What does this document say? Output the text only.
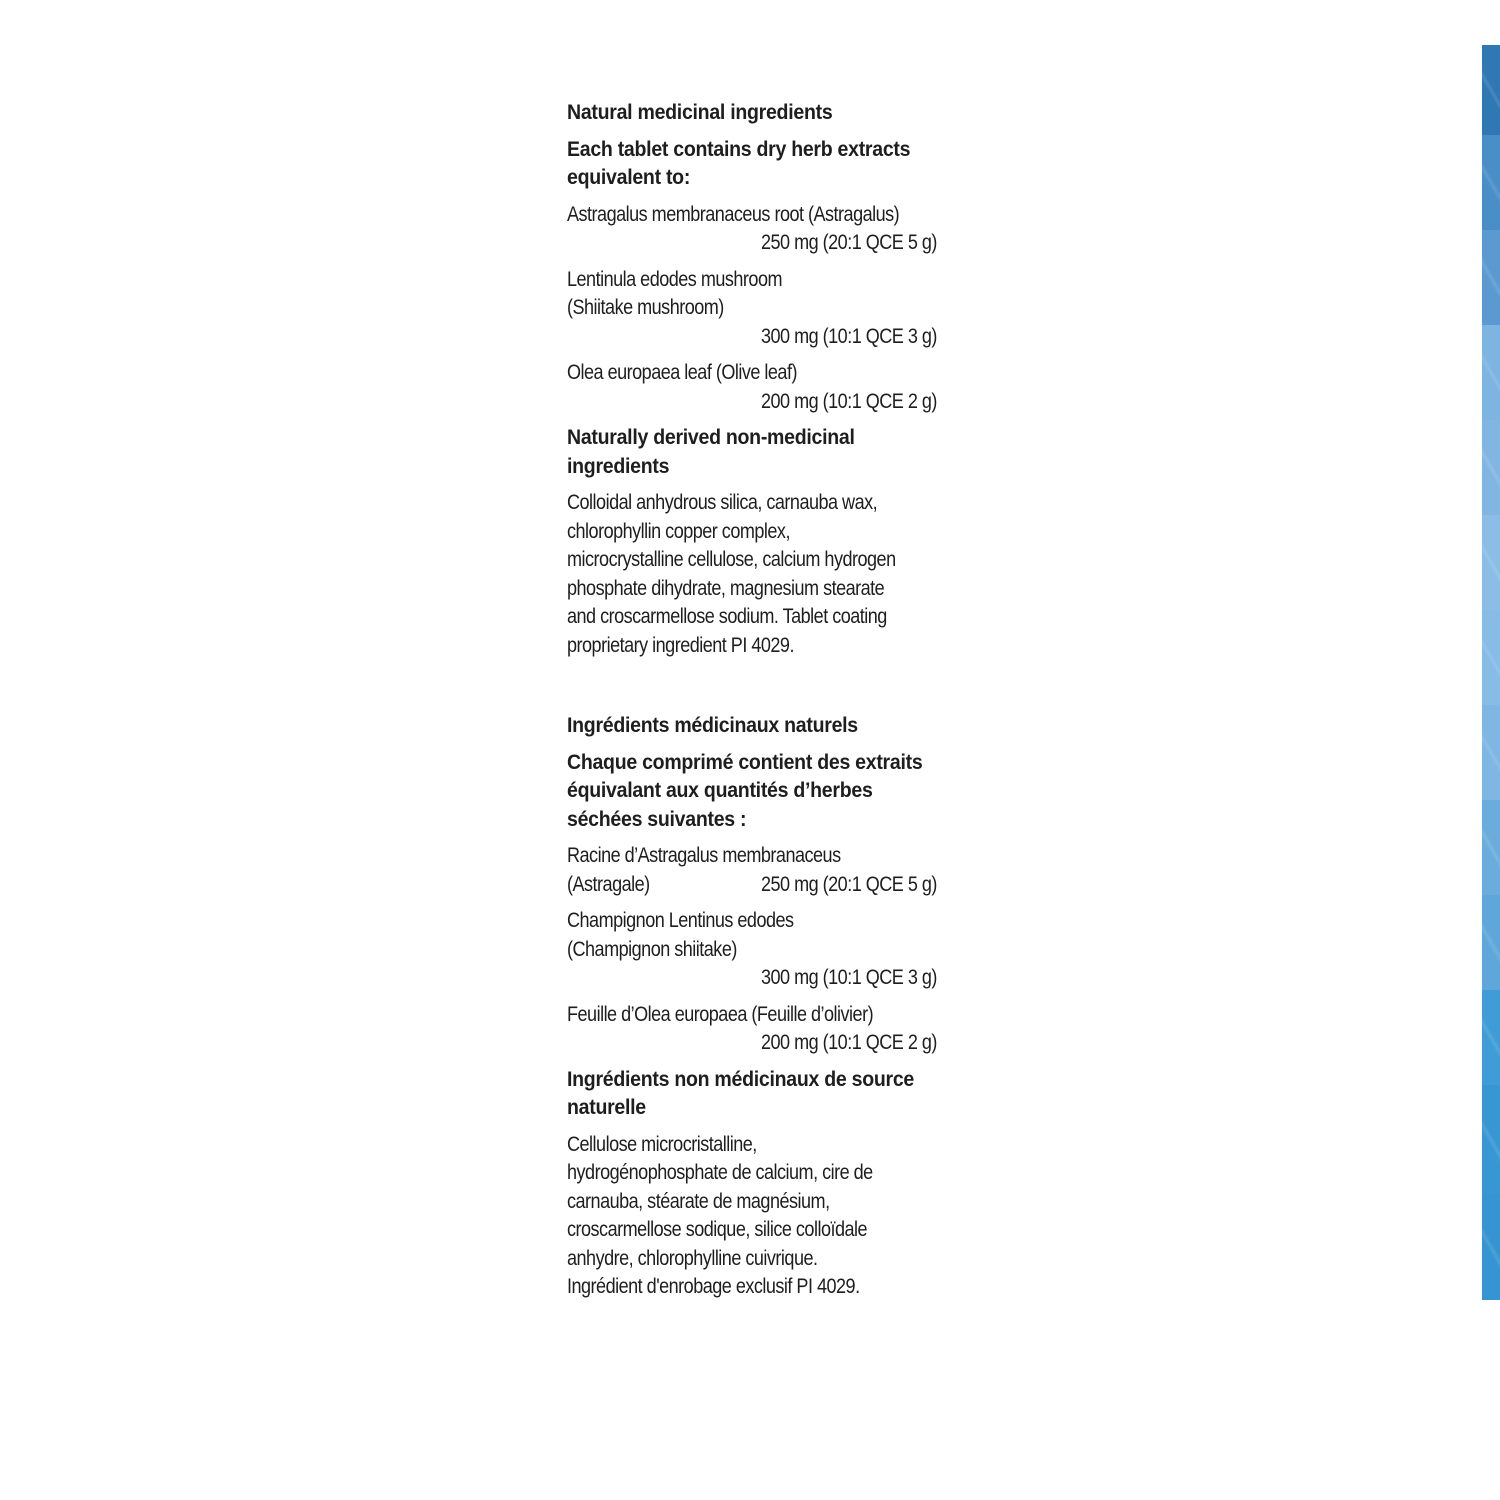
Natural medicinal ingredients
Each tablet contains dry herb extracts
equivalent to:
Astragalus membranaceus root (Astragalus)
250 mg (20:1 QCE 5 g)
Lentinula edodes mushroom
(Shiitake mushroom)
300 mg (10:1 QCE 3 g)
Olea europaea leaf (Olive leaf)
200 mg (10:1 QCE 2 g)
Naturally derived non-medicinal
ingredients
Colloidal anhydrous silica, carnauba wax,
chlorophyllin copper complex,
microcrystalline cellulose, calcium hydrogen
phosphate dihydrate, magnesium stearate
and croscarmellose sodium. Tablet coating
proprietary ingredient PI 4029.
Ingrédients médicinaux naturels
Chaque comprimé contient des extraits
équivalant aux quantités d’herbes
séchées suivantes :
Racine d’Astragalus membranaceus
(Astragale)	250 mg (20:1 QCE 5 g)
Champignon Lentinus edodes
(Champignon shiitake)
300 mg (10:1 QCE 3 g)
Feuille d’Olea europaea (Feuille d’olivier)
200 mg (10:1 QCE 2 g)
Ingrédients non médicinaux de source
naturelle
Cellulose microcristalline,
hydrogénophosphate de calcium, cire de
carnauba, stéarate de magnésium,
croscarmellose sodique, silice colloïdale
anhydre, chlorophylline cuivrique.
Ingrédient d'enrobage exclusif PI 4029.
